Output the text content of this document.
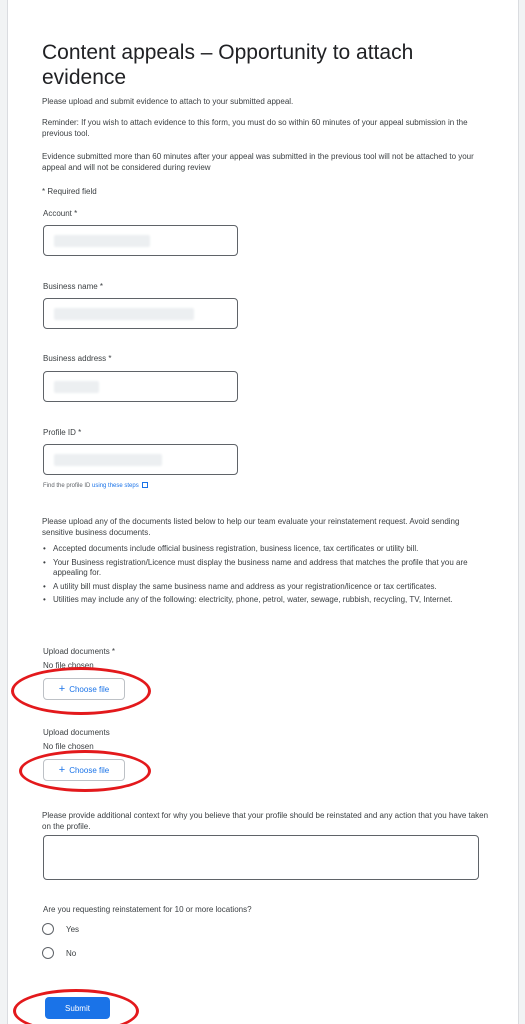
Content appeals – Opportunity to attach evidence

Please upload and submit evidence to attach to your submitted appeal.

Reminder: If you wish to attach evidence to this form, you must do so within 60 minutes of your appeal submission in the previous tool.

Evidence submitted more than 60 minutes after your appeal was submitted in the previous tool will not be attached to your appeal and will not be considered during review

* Required field

Account *
Business name *
Business address *
Profile ID *
Find the profile ID using these steps

Please upload any of the documents listed below to help our team evaluate your reinstatement request. Avoid sending sensitive business documents.

• Accepted documents include official business registration, business licence, tax certificates or utility bill.
• Your Business registration/Licence must display the business name and address that matches the profile that you are appealing for.
• A utility bill must display the same business name and address as your registration/licence or tax certificates.
• Utilities may include any of the following: electricity, phone, petrol, water, sewage, rubbish, recycling, TV, Internet.
Upload documents *
No file chosen
+ Choose file
Upload documents
No file chosen
+ Choose file

Please provide additional context for why you believe that your profile should be reinstated and any action that you have taken on the profile.

Are you requesting reinstatement for 10 or more locations?
Yes
No
Submit
